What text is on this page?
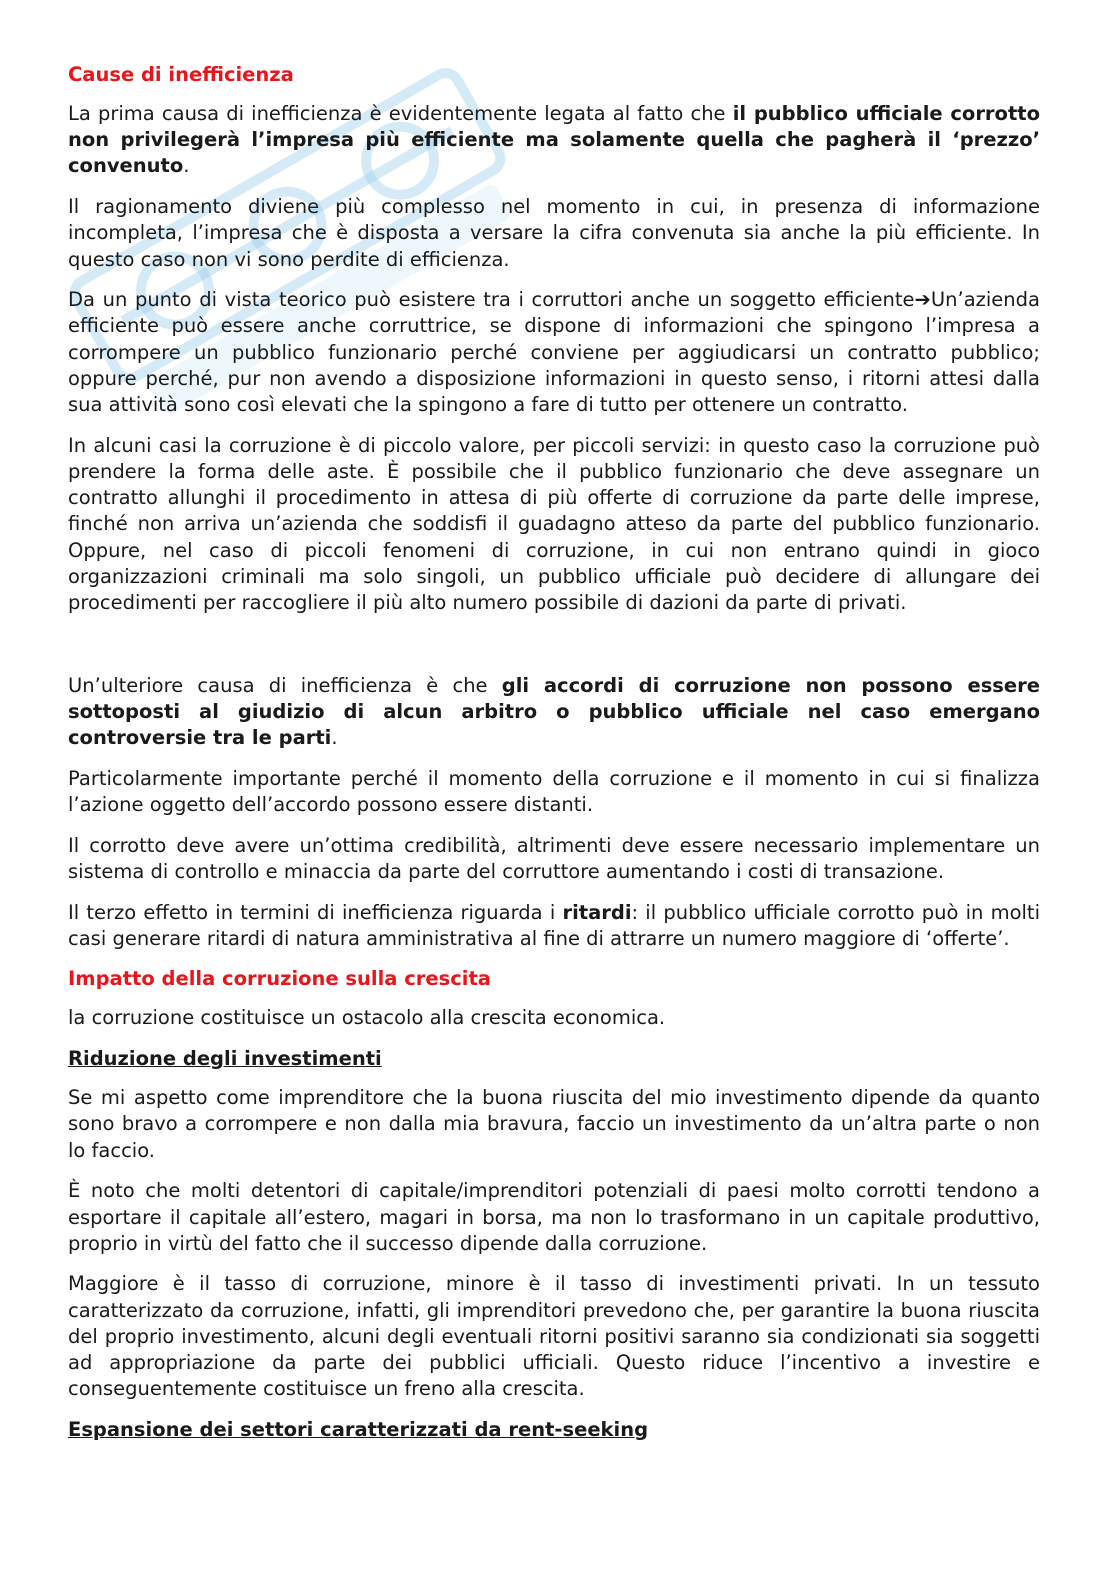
Cause di inefficienza

La prima causa di inefficienza è evidentemente legata al fatto che il pubblico ufficiale corrotto non privilegerà l’impresa più efficiente ma solamente quella che pagherà il ‘prezzo’ convenuto.

Il ragionamento diviene più complesso nel momento in cui, in presenza di informazione incompleta, l’impresa che è disposta a versare la cifra convenuta sia anche la più efficiente. In questo caso non vi sono perdite di efficienza.

Da un punto di vista teorico può esistere tra i corruttori anche un soggetto efficiente➔Un’azienda efficiente può essere anche corruttrice, se dispone di informazioni che spingono l’impresa a corrompere un pubblico funzionario perché conviene per aggiudicarsi un contratto pubblico; oppure perché, pur non avendo a disposizione informazioni in questo senso, i ritorni attesi dalla sua attività sono così elevati che la spingono a fare di tutto per ottenere un contratto.

In alcuni casi la corruzione è di piccolo valore, per piccoli servizi: in questo caso la corruzione può prendere la forma delle aste. È possibile che il pubblico funzionario che deve assegnare un contratto allunghi il procedimento in attesa di più offerte di corruzione da parte delle imprese, finché non arriva un’azienda che soddisfi il guadagno atteso da parte del pubblico funzionario. Oppure, nel caso di piccoli fenomeni di corruzione, in cui non entrano quindi in gioco organizzazioni criminali ma solo singoli, un pubblico ufficiale può decidere di allungare dei procedimenti per raccogliere il più alto numero possibile di dazioni da parte di privati.

Un’ulteriore causa di inefficienza è che gli accordi di corruzione non possono essere sottoposti al giudizio di alcun arbitro o pubblico ufficiale nel caso emergano controversie tra le parti.

Particolarmente importante perché il momento della corruzione e il momento in cui si finalizza l’azione oggetto dell’accordo possono essere distanti.

Il corrotto deve avere un’ottima credibilità, altrimenti deve essere necessario implementare un sistema di controllo e minaccia da parte del corruttore aumentando i costi di transazione.

Il terzo effetto in termini di inefficienza riguarda i ritardi: il pubblico ufficiale corrotto può in molti casi generare ritardi di natura amministrativa al fine di attrarre un numero maggiore di ‘offerte’.

Impatto della corruzione sulla crescita

la corruzione costituisce un ostacolo alla crescita economica.

Riduzione degli investimenti

Se mi aspetto come imprenditore che la buona riuscita del mio investimento dipende da quanto sono bravo a corrompere e non dalla mia bravura, faccio un investimento da un’altra parte o non lo faccio.

È noto che molti detentori di capitale/imprenditori potenziali di paesi molto corrotti tendono a esportare il capitale all’estero, magari in borsa, ma non lo trasformano in un capitale produttivo, proprio in virtù del fatto che il successo dipende dalla corruzione.

Maggiore è il tasso di corruzione, minore è il tasso di investimenti privati. In un tessuto caratterizzato da corruzione, infatti, gli imprenditori prevedono che, per garantire la buona riuscita del proprio investimento, alcuni degli eventuali ritorni positivi saranno sia condizionati sia soggetti ad appropriazione da parte dei pubblici ufficiali. Questo riduce l’incentivo a investire e conseguentemente costituisce un freno alla crescita.

Espansione dei settori caratterizzati da rent-seeking
